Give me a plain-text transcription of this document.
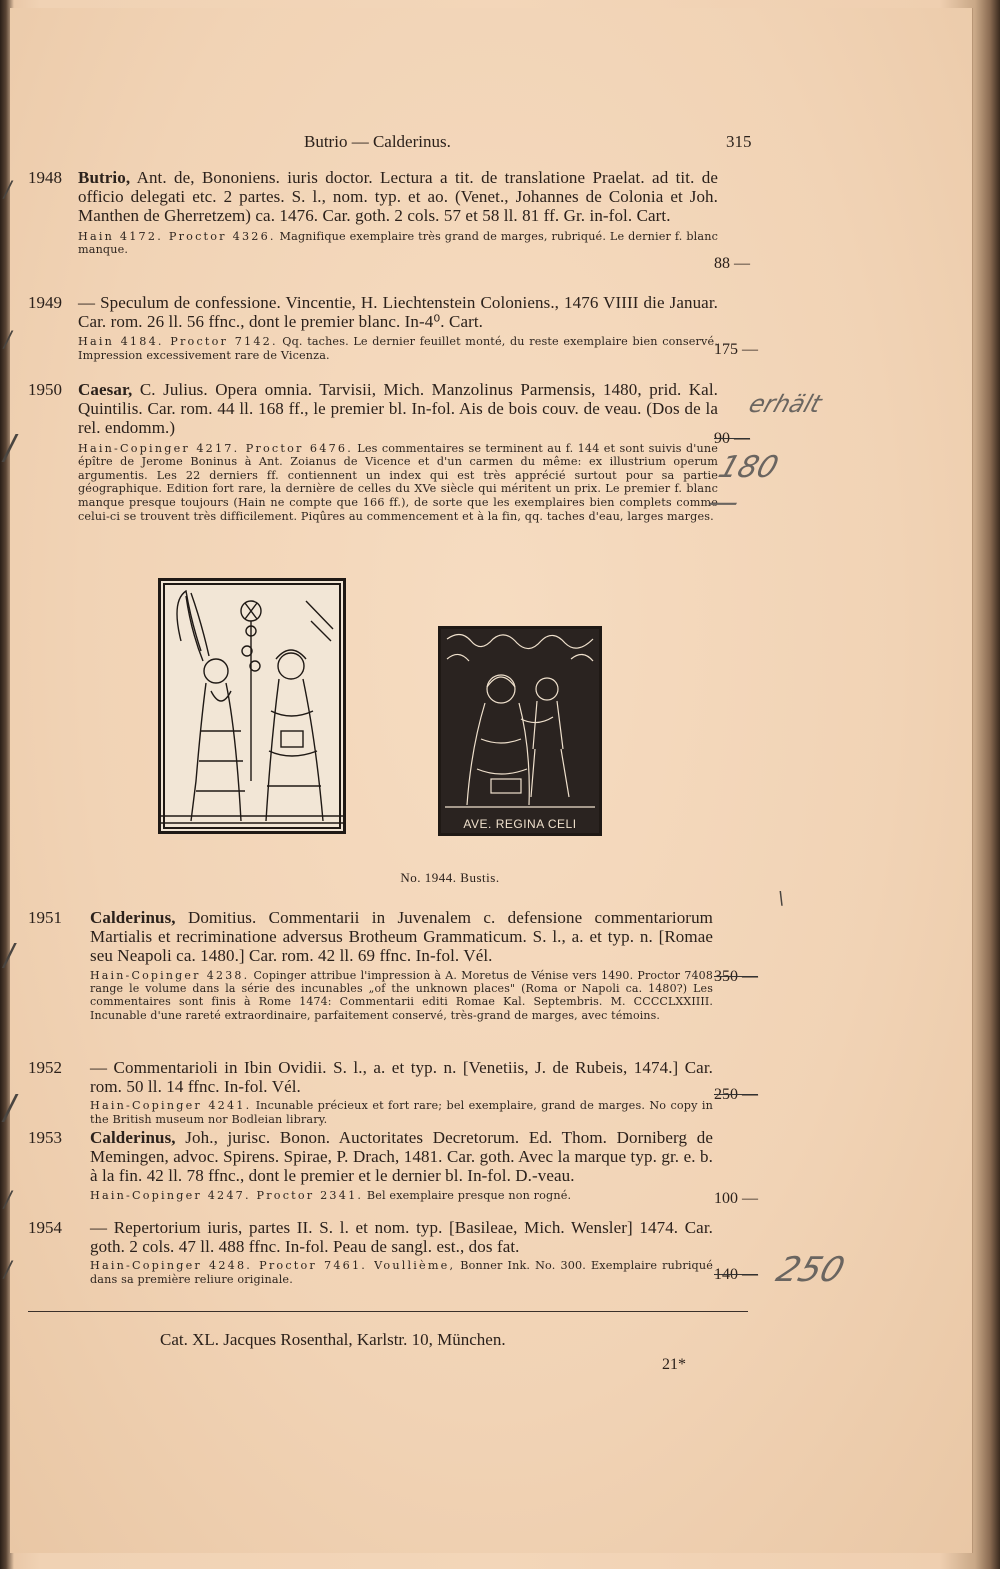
Butrio — Calderinus.	315
1948 Butrio, Ant. de, Bononiens. iuris doctor. Lectura a tit. de translatione Praelat. ad tit. de officio delegati etc. 2 partes. S. l., nom. typ. et ao. (Venet., Johannes de Colonia et Joh. Manthen de Gherretzem) ca. 1476. Car. goth. 2 cols. 57 et 58 ll. 81 ff. Gr. in-fol. Cart.
Hain 4172. Proctor 4326. Magnifique exemplaire très grand de marges, rubriqué. Le dernier f. blanc manque.
88 —
1949 — Speculum de confessione. Vincentie, H. Liechtenstein Coloniens., 1476 VIIII die Januar. Car. rom. 26 ll. 56 ffnc., dont le premier blanc. In-4⁰. Cart.
Hain 4184. Proctor 7142. Qq. taches. Le dernier feuillet monté, du reste exemplaire bien conservé. Impression excessivement rare de Vicenza.	175 —
1950 Caesar, C. Julius. Opera omnia. Tarvisii, Mich. Manzolinus Parmensis, 1480, prid. Kal. Quintilis. Car. rom. 44 ll. 168 ff., le premier bl. In-fol. Ais de bois couv. de veau. (Dos de la rel. endomm.)
Hain-Copinger 4217. Proctor 6476. Les commentaires se terminent au f. 144 et sont suivis d'une épître de Jerome Boninus à Ant. Zoianus de Vicence et d'un carmen du même: ex illustrium operum argumentis. Les 22 derniers ff. contiennent un index qui est très apprécié surtout pour sa partie géographique. Edition fort rare, la dernière de celles du XVe siècle qui méritent un prix. Le premier f. blanc manque presque toujours (Hain ne compte que 166 ff.), de sorte que les exemplaires bien complets comme celui-ci se trouvent très difficilement. Piqûres au commencement et à la fin, qq. taches d'eau, larges marges.
90 —
erhält
180 —
AVE. REGINA CELI
No. 1944. Bustis.
\
1951	Calderinus, Domitius. Commentarii in Juvenalem c. defensione commentariorum Martialis et recriminatione adversus Brotheum Grammaticum. S. l., a. et typ. n. [Romae seu Neapoli ca. 1480.] Car. rom. 42 ll. 69 ffnc. In-fol. Vél.
Hain-Copinger 4238. Copinger attribue l'impression à A. Moretus de Vénise vers 1490. Proctor 7408 range le volume dans la série des incunables „of the unknown places" (Roma or Napoli ca. 1480?) Les commentaires sont finis à Rome 1474: Commentarii editi Romae Kal. Septembris. M. CCCCLXXIIII. Incunable d'une rareté extraordinaire, parfaitement conservé, très-grand de marges, avec témoins.
350 —
1952	— Commentarioli in Ibin Ovidii. S. l., a. et typ. n. [Venetiis, J. de Rubeis, 1474.] Car. rom. 50 ll. 14 ffnc. In-fol. Vél.
Hain-Copinger 4241. Incunable précieux et fort rare; bel exemplaire, grand de marges. No copy in the British museum nor Bodleian library.
250 —
1953	Calderinus, Joh., jurisc. Bonon. Auctoritates Decretorum. Ed. Thom. Dorniberg de Memingen, advoc. Spirens. Spirae, P. Drach, 1481. Car. goth. Avec la marque typ. gr. e. b. à la fin. 42 ll. 78 ffnc., dont le premier et le dernier bl. In-fol. D.-veau.
Hain-Copinger 4247. Proctor 2341. Bel exemplaire presque non rogné.	100 —
1954	— Repertorium iuris, partes II. S. l. et nom. typ. [Basileae, Mich. Wensler] 1474. Car. goth. 2 cols. 47 ll. 488 ffnc. In-fol. Peau de sangl. est., dos fat.
Hain-Copinger 4248. Proctor 7461. Voullième, Bonner Ink. No. 300. Exemplaire rubriqué dans sa première reliure originale.	140 — 250
/
/
/
/
/
/
/
Cat. XL. Jacques Rosenthal, Karlstr. 10, München.
21*
